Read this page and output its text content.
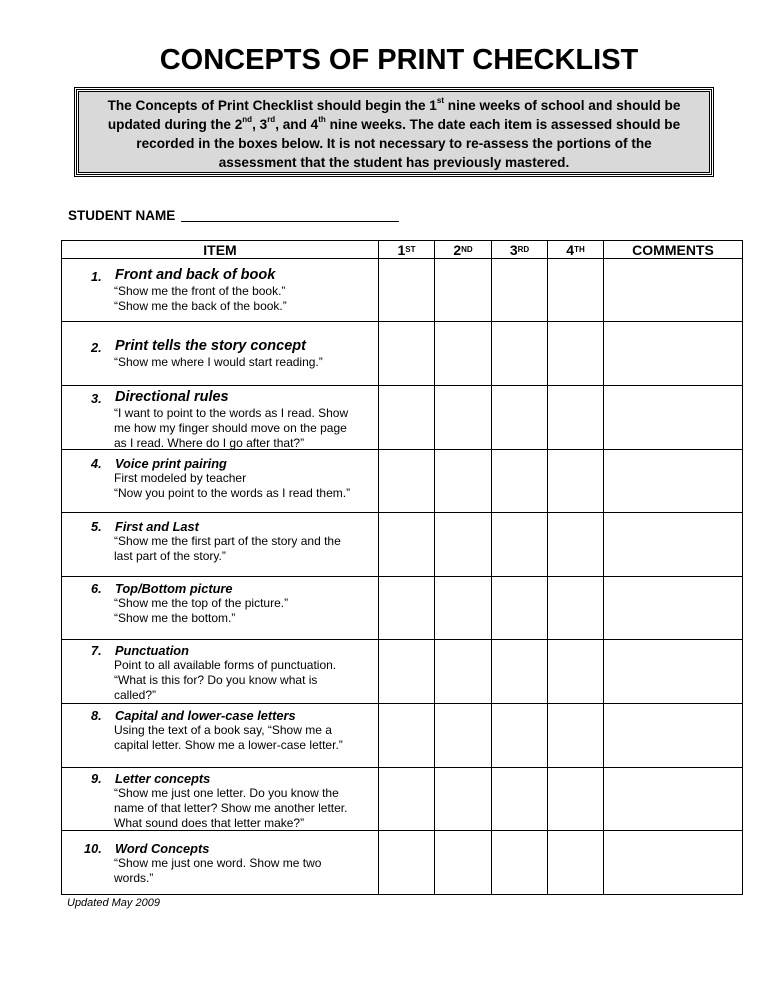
CONCEPTS OF PRINT CHECKLIST
The Concepts of Print Checklist should begin the 1st nine weeks of school and should be
updated during the 2nd, 3rd, and 4th nine weeks. The date each item is assessed should be
recorded in the boxes below. It is not necessary to re-assess the portions of the
assessment that the student has previously mastered.
STUDENT NAME
ITEM	1ST	2ND	3RD	4TH	COMMENTS

1. Front and back of book
“Show me the front of the book.”
“Show me the back of the book.”					

2. Print tells the story concept
“Show me where I would start reading.”					

3. Directional rules
“I want to point to the words as I read. Show
me how my finger should move on the page
as I read. Where do I go after that?”					

4. Voice print pairing
First modeled by teacher
“Now you point to the words as I read them.”					

5. First and Last
“Show me the first part of the story and the
last part of the story.”					

6. Top/Bottom picture
“Show me the top of the picture.”
“Show me the bottom.”					

7. Punctuation
Point to all available forms of punctuation.
“What is this for? Do you know what is
called?”					

8. Capital and lower-case letters
Using the text of a book say, “Show me a
capital letter. Show me a lower-case letter.”					

9. Letter concepts
“Show me just one letter. Do you know the
name of that letter? Show me another letter.
What sound does that letter make?”					

10. Word Concepts
“Show me just one word. Show me two
words.”					

Updated May 2009
